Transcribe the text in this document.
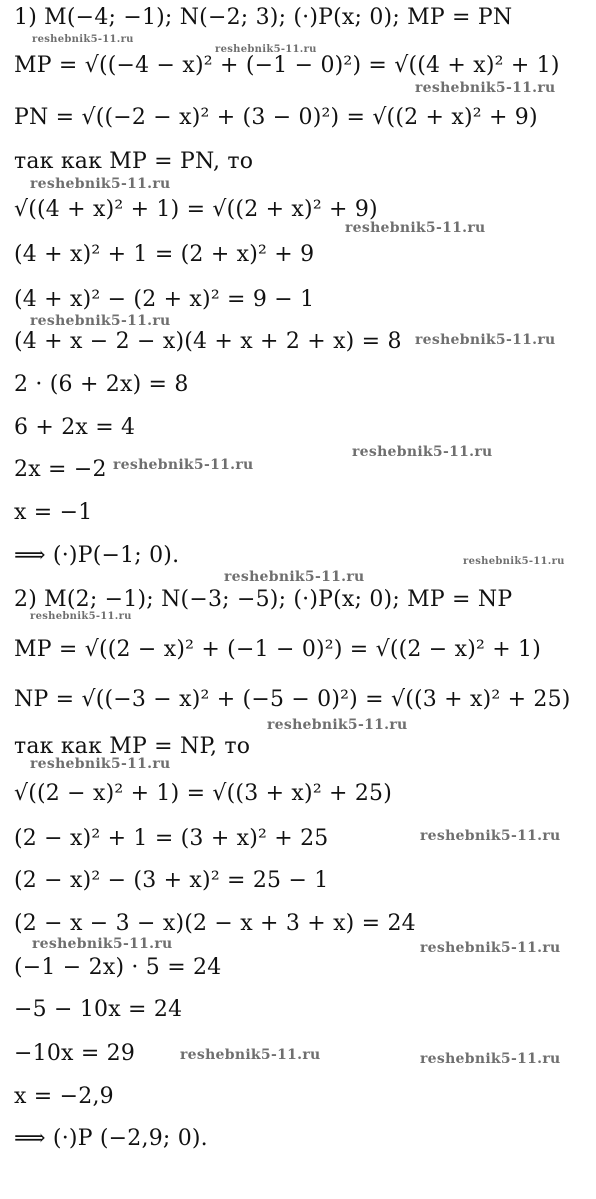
1) M(−4; −1); N(−2; 3); (·)P(x; 0); MP = PN
MP = √((−4 − x)² + (−1 − 0)²) = √((4 + x)² + 1)
PN = √((−2 − x)² + (3 − 0)²) = √((2 + x)² + 9)
так как MP = PN, то
√((4 + x)² + 1) = √((2 + x)² + 9)
(4 + x)² + 1 = (2 + x)² + 9
(4 + x)² − (2 + x)² = 9 − 1
(4 + x − 2 − x)(4 + x + 2 + x) = 8
2 · (6 + 2x) = 8
6 + 2x = 4
2x = −2
x = −1
⟹ (·)P(−1; 0).
2) M(2; −1); N(−3; −5); (·)P(x; 0); MP = NP
MP = √((2 − x)² + (−1 − 0)²) = √((2 − x)² + 1)
NP = √((−3 − x)² + (−5 − 0)²) = √((3 + x)² + 25)
так как MP = NP, то
√((2 − x)² + 1) = √((3 + x)² + 25)
(2 − x)² + 1 = (3 + x)² + 25
(2 − x)² − (3 + x)² = 25 − 1
(2 − x − 3 − x)(2 − x + 3 + x) = 24
(−1 − 2x) · 5 = 24
−5 − 10x = 24
−10x = 29
x = −2,9
⟹ (·)P (−2,9; 0).
reshebnik5-11.ru
reshebnik5-11.ru
reshebnik5-11.ru
reshebnik5-11.ru
reshebnik5-11.ru
reshebnik5-11.ru
reshebnik5-11.ru
reshebnik5-11.ru
reshebnik5-11.ru
reshebnik5-11.ru
reshebnik5-11.ru
reshebnik5-11.ru
reshebnik5-11.ru
reshebnik5-11.ru
reshebnik5-11.ru
reshebnik5-11.ru	reshebnik5-11.ru
reshebnik5-11.ru	reshebnik5-11.ru
